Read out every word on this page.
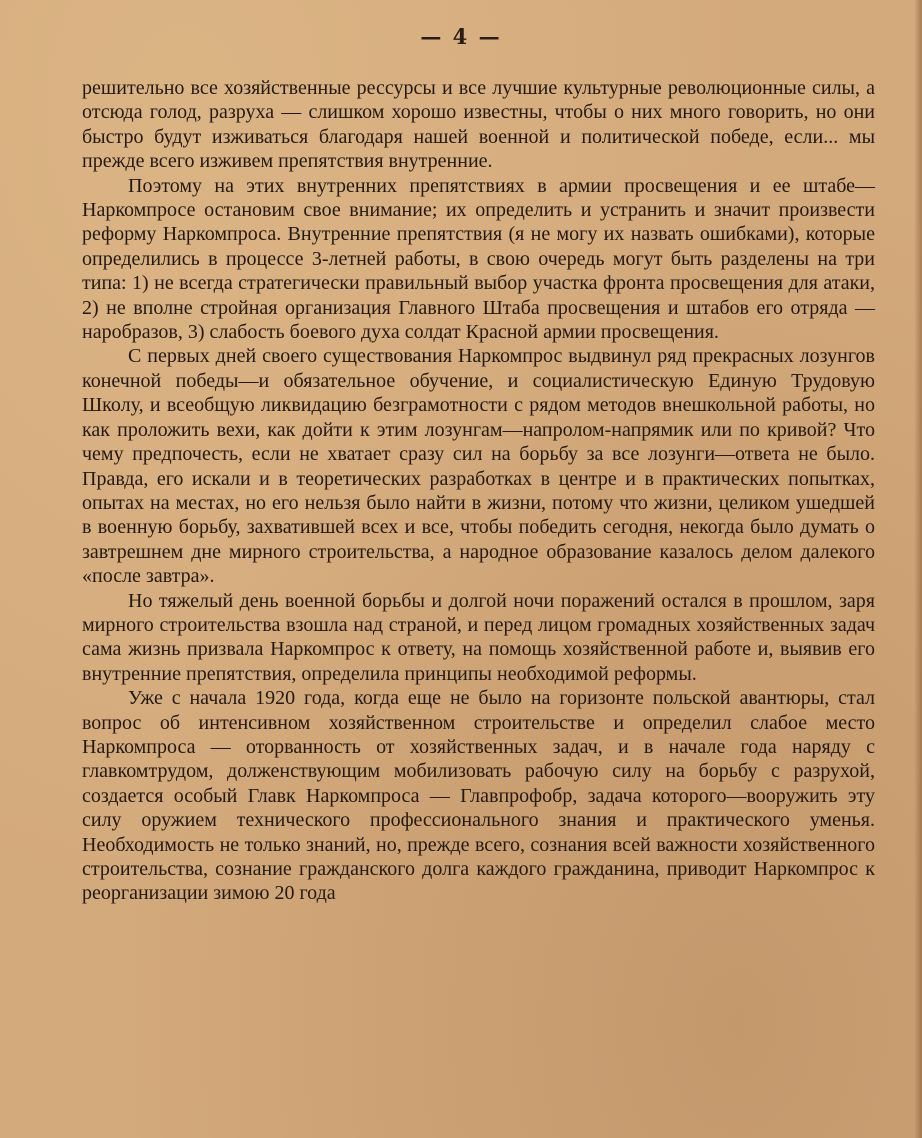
— 4 —

решительно все хозяйственные рессурсы и все лучшие культурные революционные силы, а отсюда голод, разруха — слишком хорошо известны, чтобы о них много говорить, но они быстро будут изживаться благодаря нашей военной и политической победе, если... мы прежде всего изживем препятствия внутренние.

Поэтому на этих внутренних препятствиях в армии просвещения и ее штабе—Наркомпросе остановим свое внимание; их определить и устранить и значит произвести реформу Наркомпроса. Внутренние препятствия (я не могу их назвать ошибками), которые определились в процессе 3-летней работы, в свою очередь могут быть разделены на три типа: 1) не всегда стратегически правильный выбор участка фронта просвещения для атаки, 2) не вполне стройная организация Главного Штаба просвещения и штабов его отряда — наробразов, 3) слабость боевого духа солдат Красной армии просвещения.

С первых дней своего существования Наркомпрос выдвинул ряд прекрасных лозунгов конечной победы—и обязательное обучение, и социалистическую Единую Трудовую Школу, и всеобщую ликвидацию безграмотности с рядом методов внешкольной работы, но как проложить вехи, как дойти к этим лозунгам—напролом-напрямик или по кривой? Что чему предпочесть, если не хватает сразу сил на борьбу за все лозунги—ответа не было. Правда, его искали и в теоретических разработках в центре и в практических попытках, опытах на местах, но его нельзя было найти в жизни, потому что жизни, целиком ушедшей в военную борьбу, захватившей всех и все, чтобы победить сегодня, некогда было думать о завтрешнем дне мирного строительства, а народное образование казалось делом далекого «после завтра».

Но тяжелый день военной борьбы и долгой ночи поражений остался в прошлом, заря мирного строительства взошла над страной, и перед лицом громадных хозяйственных задач сама жизнь призвала Наркомпрос к ответу, на помощь хозяйственной работе и, выявив его внутренние препятствия, определила принципы необходимой реформы.

Уже с начала 1920 года, когда еще не было на горизонте польской авантюры, стал вопрос об интенсивном хозяйственном строительстве и определил слабое место Наркомпроса — оторванность от хозяйственных задач, и в начале года наряду с главкомтрудом, долженствующим мобилизовать рабочую силу на борьбу с разрухой, создается особый Главк Наркомпроса — Главпрофобр, задача которого—вооружить эту силу оружием технического профессионального знания и практического уменья. Необходимость не только знаний, но, прежде всего, сознания всей важности хозяйственного строительства, сознание гражданского долга каждого гражданина, приводит Наркомпрос к реорганизации зимою 20 года
